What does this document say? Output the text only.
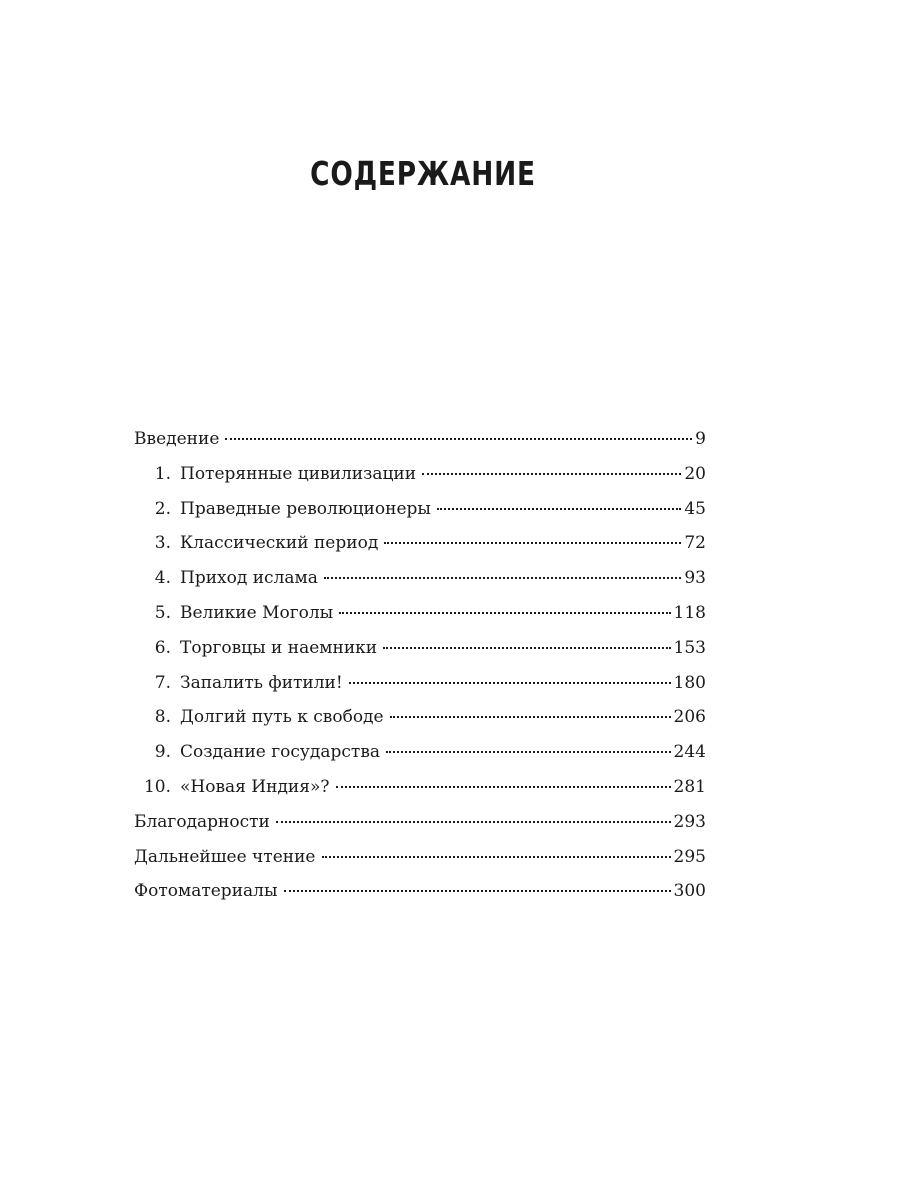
СОДЕРЖАНИЕ
Введение	9
1. Потерянные цивилизации	20
2. Праведные революционеры	45
3. Классический период	72
4. Приход ислама	93
5. Великие Моголы	118
6. Торговцы и наемники	153
7. Запалить фитили!	180
8. Долгий путь к свободе	206
9. Создание государства	244
10. «Новая Индия»?	281
Благодарности	293
Дальнейшее чтение	295
Фотоматериалы	300
